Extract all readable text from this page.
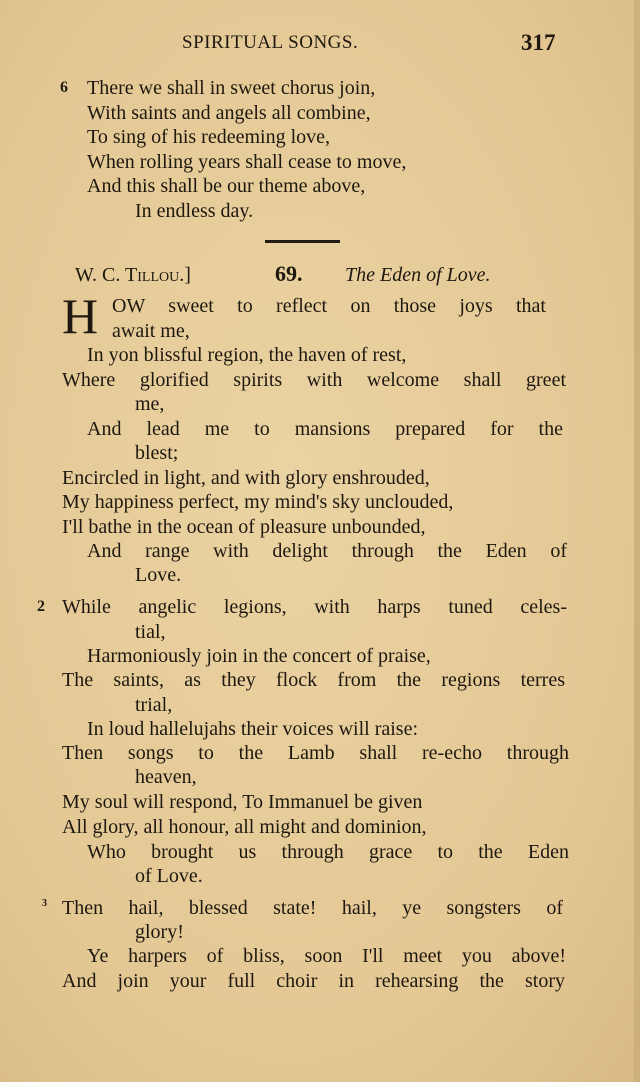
SPIRITUAL SONGS.	317
6 There we shall in sweet chorus join,
With saints and angels all combine,
To sing of his redeeming love,
When rolling years shall cease to move,
And this shall be our theme above,
In endless day.
W. C. Tillou.]	69. The Eden of Love.
H OW sweet to reflect on those joys that
await me,
In yon blissful region, the haven of rest,
Where glorified spirits with welcome shall greet
me,
And lead me to mansions prepared for the
blest;
Encircled in light, and with glory enshrouded,
My happiness perfect, my mind's sky unclouded,
I'll bathe in the ocean of pleasure unbounded,
And range with delight through the Eden of
Love.
2 While angelic legions, with harps tuned celes-
tial,
Harmoniously join in the concert of praise,
The saints, as they flock from the regions terres
trial,
In loud hallelujahs their voices will raise:
Then songs to the Lamb shall re-echo through
heaven,
My soul will respond, To Immanuel be given
All glory, all honour, all might and dominion,
Who brought us through grace to the Eden
of Love.
3 Then hail, blessed state! hail, ye songsters of
glory!
Ye harpers of bliss, soon I'll meet you above!
And join your full choir in rehearsing the story
